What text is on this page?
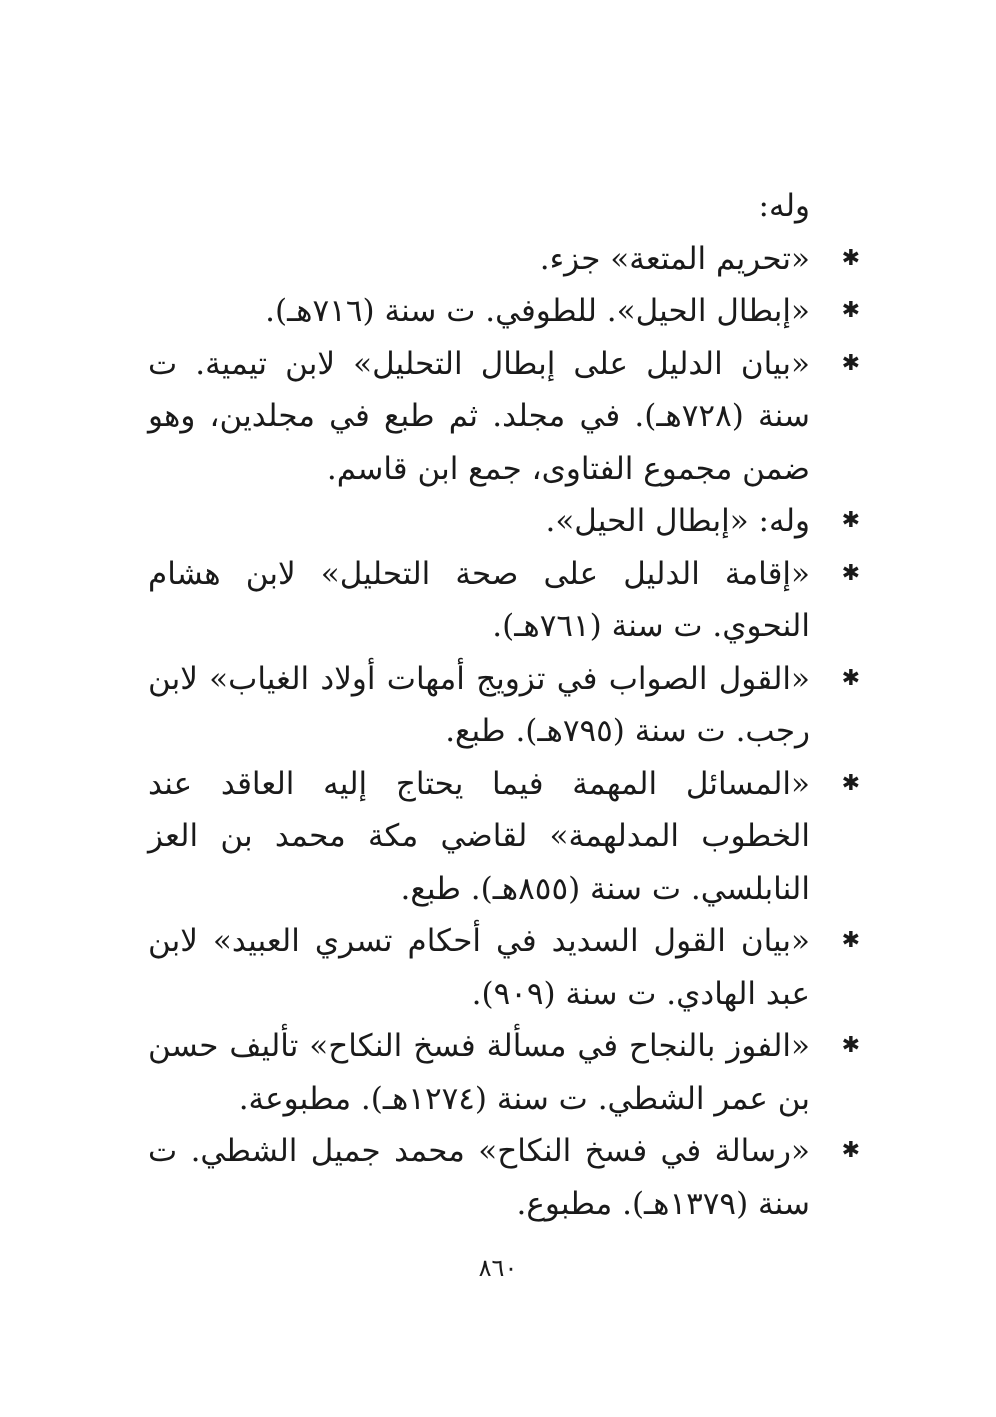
وله:

✱
«تحريم المتعة» جزء.
✱
«إبطال الحيل». للطوفي. ت سنة (٧١٦هـ).
✱
«بيان الدليل على إبطال التحليل» لابن تيمية. ت سنة (٧٢٨هـ). في مجلد. ثم طبع في مجلدين، وهو ضمن مجموع الفتاوى، جمع ابن قاسم.
✱
وله: «إبطال الحيل».
✱
«إقامة الدليل على صحة التحليل» لابن هشام النحوي. ت سنة (٧٦١هـ).
✱
«القول الصواب في تزويج أمهات أولاد الغياب» لابن رجب. ت سنة (٧٩٥هـ). طبع.
✱
«المسائل المهمة فيما يحتاج إليه العاقد عند الخطوب المدلهمة» لقاضي مكة محمد بن العز النابلسي. ت سنة (٨٥٥هـ). طبع.
✱
«بيان القول السديد في أحكام تسري العبيد» لابن عبد الهادي. ت سنة (٩٠٩).
✱
«الفوز بالنجاح في مسألة فسخ النكاح» تأليف حسن بن عمر الشطي. ت سنة (١٢٧٤هـ). مطبوعة.
✱
«رسالة في فسخ النكاح» محمد جميل الشطي. ت سنة (١٣٧٩هـ). مطبوع.
٨٦٠
